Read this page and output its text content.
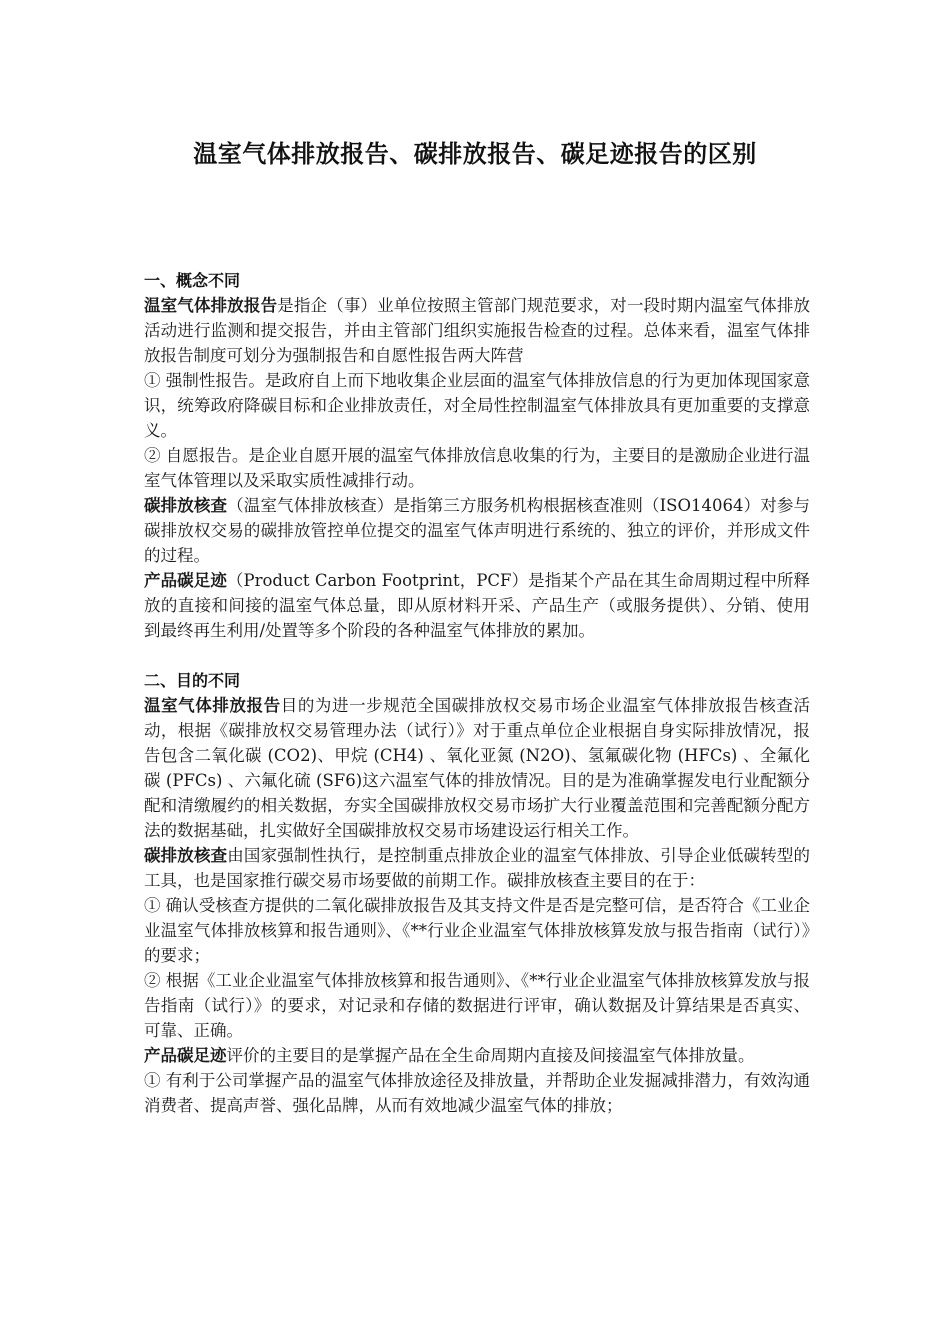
温室气体排放报告、碳排放报告、碳足迹报告的区别

一、概念不同

温室气体排放报告是指企（事）业单位按照主管部门规范要求，对一段时期内温室气体排放活动进行监测和提交报告，并由主管部门组织实施报告检查的过程。总体来看，温室气体排放报告制度可划分为强制报告和自愿性报告两大阵营

① 强制性报告。是政府自上而下地收集企业层面的温室气体排放信息的行为更加体现国家意识，统筹政府降碳目标和企业排放责任，对全局性控制温室气体排放具有更加重要的支撑意义。

② 自愿报告。是企业自愿开展的温室气体排放信息收集的行为，主要目的是激励企业进行温室气体管理以及采取实质性减排行动。

碳排放核查（温室气体排放核查）是指第三方服务机构根据核查准则（ISO14064）对参与碳排放权交易的碳排放管控单位提交的温室气体声明进行系统的、独立的评价，并形成文件的过程。

产品碳足迹（Product Carbon Footprint，PCF）是指某个产品在其生命周期过程中所释放的直接和间接的温室气体总量，即从原材料开采、产品生产（或服务提供）、分销、使用到最终再生利用/处置等多个阶段的各种温室气体排放的累加。

二、目的不同

温室气体排放报告目的为进一步规范全国碳排放权交易市场企业温室气体排放报告核查活动，根据《碳排放权交易管理办法（试行）》对于重点单位企业根据自身实际排放情况，报告包含二氧化碳 (CO2)、甲烷 (CH4) 、氧化亚氮 (N2O)、氢氟碳化物 (HFCs) 、全氟化碳 (PFCs) 、六氟化硫 (SF6)这六温室气体的排放情况。目的是为准确掌握发电行业配额分配和清缴履约的相关数据，夯实全国碳排放权交易市场扩大行业覆盖范围和完善配额分配方法的数据基础，扎实做好全国碳排放权交易市场建设运行相关工作。

碳排放核查由国家强制性执行，是控制重点排放企业的温室气体排放、引导企业低碳转型的工具，也是国家推行碳交易市场要做的前期工作。碳排放核查主要目的在于：

① 确认受核查方提供的二氧化碳排放报告及其支持文件是否是完整可信，是否符合《工业企业温室气体排放核算和报告通则》、《**行业企业温室气体排放核算发放与报告指南（试行）》的要求；

② 根据《工业企业温室气体排放核算和报告通则》、《**行业企业温室气体排放核算发放与报告指南（试行）》的要求，对记录和存储的数据进行评审，确认数据及计算结果是否真实、可靠、正确。

产品碳足迹评价的主要目的是掌握产品在全生命周期内直接及间接温室气体排放量。

① 有利于公司掌握产品的温室气体排放途径及排放量，并帮助企业发掘减排潜力，有效沟通消费者、提高声誉、强化品牌，从而有效地减少温室气体的排放；
